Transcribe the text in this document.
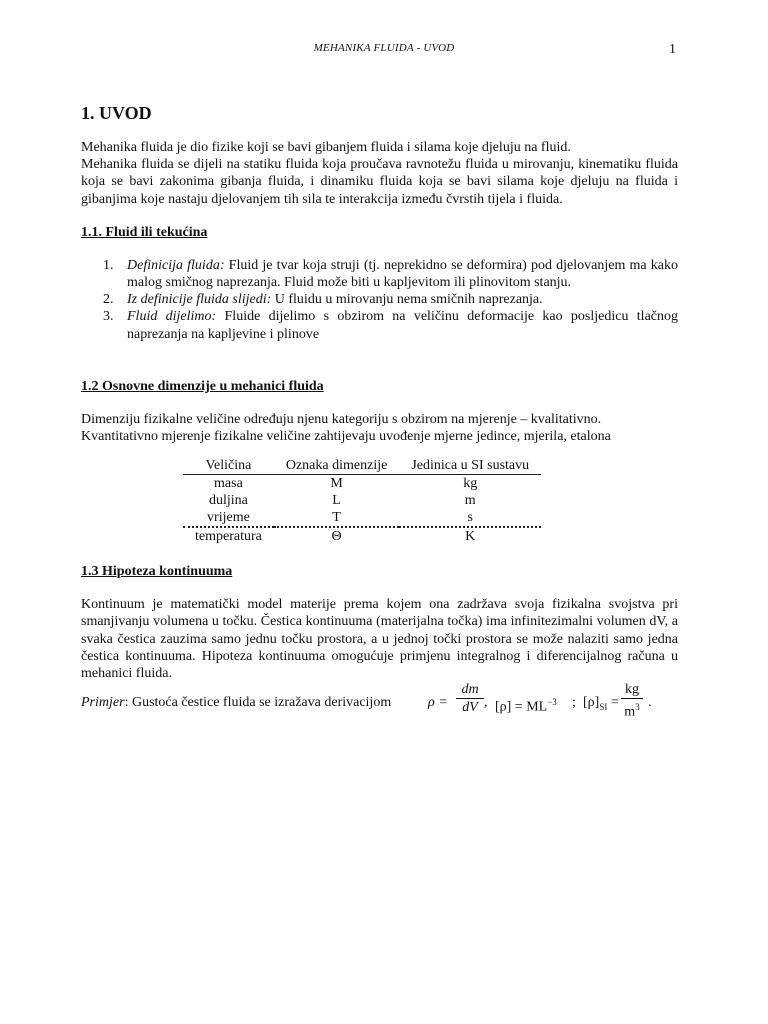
MEHANIKA FLUIDA - UVOD	1
1. UVOD

Mehanika fluida je dio fizike koji se bavi gibanjem fluida i silama koje djeluju na fluid.

Mehanika fluida se dijeli na statiku fluida koja proučava ravnotežu fluida u mirovanju, kinematiku fluida koja se bavi zakonima gibanja fluida, i dinamiku fluida koja se bavi silama koje djeluju na fluida i gibanjima koje nastaju djelovanjem tih sila te interakcija između čvrstih tijela i fluida.

1.1. Fluid ili tekućina
1. Definicija fluida: Fluid je tvar koja struji (tj. neprekidno se deformira) pod djelovanjem ma kako malog smičnog naprezanja. Fluid može biti u kapljevitom ili plinovitom stanju.
2. Iz definicije fluida slijedi: U fluidu u mirovanju nema smičnih naprezanja.
3. Fluid dijelimo: Fluide dijelimo s obzirom na veličinu deformacije kao posljedicu tlačnog naprezanja na kapljevine i plinove
1.2 Osnovne dimenzije u mehanici fluida

Dimenziju fizikalne veličine određuju njenu kategoriju s obzirom na mjerenje – kvalitativno.

Kvantitativno mjerenje fizikalne veličine zahtijevaju uvođenje mjerne jedince, mjerila, etalona

Veličina	Oznaka dimenzije	Jedinica u SI sustavu
masa	M	kg
duljina	L	m
vrijeme	T	s
temperatura	Θ	K
1.3 Hipoteza kontinuuma

Kontinuum je matematički model materije prema kojem ona zadržava svoja fizikalna svojstva pri smanjivanju volumena u točku. Čestica kontinuuma (materijalna točka) ima infinitezimalni volumen dV, a svaka čestica zauzima samo jednu točku prostora, a u jednoj točki prostora se može nalaziti samo jedna čestica kontinuuma. Hipoteza kontinuuma omogućuje primjenu integralnog i diferencijalnog računa u mehanici fluida.

Primjer: Gustoća čestice fluida se izražava derivacijom	ρ =
dm
dV , $[\rho] = ML^{-3}$ ; $[\rho]_{SI}$ =
kg
$m^3$ .
